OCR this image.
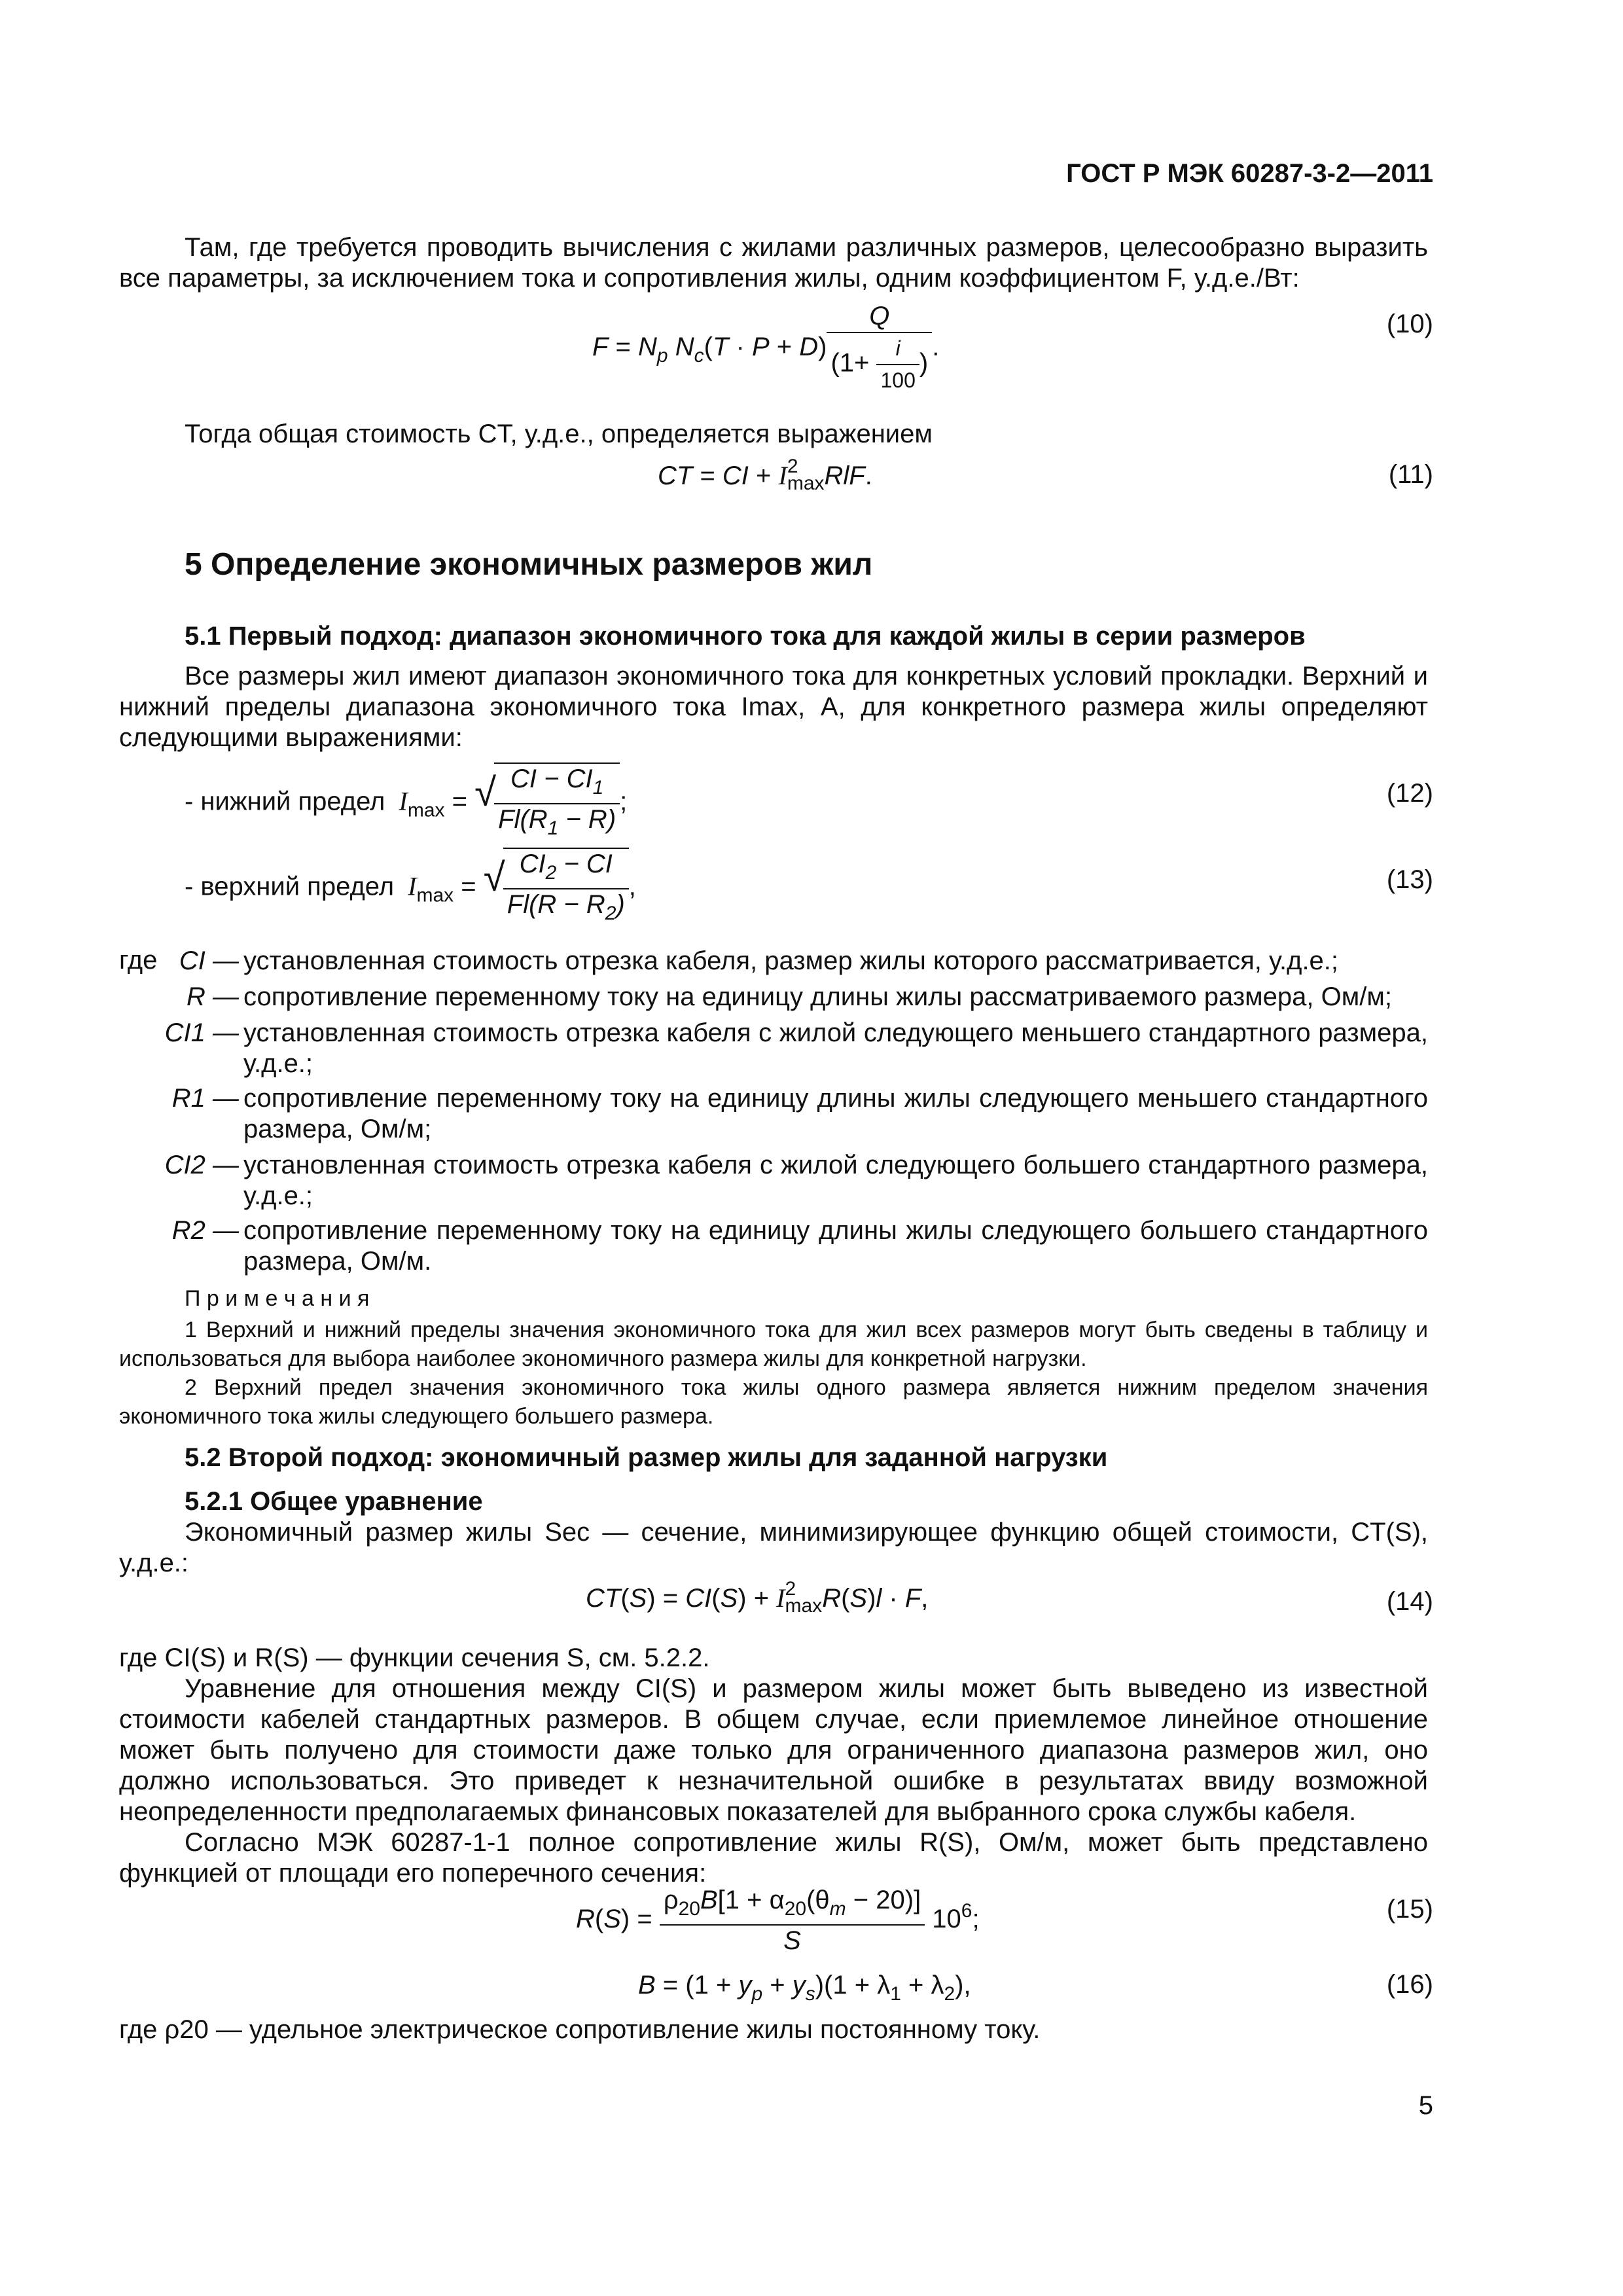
ГОСТ Р МЭК 60287-3-2—2011
Там, где требуется проводить вычисления с жилами различных размеров, целесообразно выразить все параметры, за исключением тока и сопротивления жилы, одним коэффициентом F, у.д.е./Вт:
$F = N_p$ $N_c(T \cdot P + D) \frac{Q}{(1+ \frac{i}{100} )}$ .
(10)
Тогда общая стоимость CT, у.д.е., определяется выражением
CT = CI + I2
maxRlF.	(11)
5 Определение экономичных размеров жил
5.1 Первый подход: диапазон экономичного тока для каждой жилы в серии размеров
Все размеры жил имеют диапазон экономичного тока для конкретных условий прокладки. Верхний и нижний пределы диапазона экономичного тока Imax, А, для конкретного размера жилы определяют следующими выражениями:
- нижний предел  $I_{max}$ = √ $\frac{CI - CI_1}{Fl(R_1 - R)}$ ;	(12)
- верхний предел  $I_{max}$ = √ $\frac{CI_2 - CI}{Fl(R - R_2)}$ ,	(13)
где CI — установленная стоимость отрезка кабеля, размер жилы которого рассматривается, у.д.е.;
R — сопротивление переменному току на единицу длины жилы рассматриваемого размера, Ом/м;
CI1 — установленная стоимость отрезка кабеля с жилой следующего меньшего стандартного размера, у.д.е.;
R1 — сопротивление переменному току на единицу длины жилы следующего меньшего стандартного размера, Ом/м;
CI2 — установленная стоимость отрезка кабеля с жилой следующего большего стандартного размера, у.д.е.;
R2 — сопротивление переменному току на единицу длины жилы следующего большего стандартного размера, Ом/м.
П р и м е ч а н и я
1 Верхний и нижний пределы значения экономичного тока для жил всех размеров могут быть сведены в таблицу и использоваться для выбора наиболее экономичного размера жилы для конкретной нагрузки.
2 Верхний предел значения экономичного тока жилы одного размера является нижним пределом значения экономичного тока жилы следующего большего размера.
5.2 Второй подход: экономичный размер жилы для заданной нагрузки
5.2.1 Общее уравнение
Экономичный размер жилы Sec — сечение, минимизирующее функцию общей стоимости, CT(S), у.д.е.:
CT(S) = CI(S) + I2
maxR(S)l · F,	(14)
где CI(S) и R(S) — функции сечения S, см. 5.2.2.
Уравнение для отношения между CI(S) и размером жилы может быть выведено из известной стоимости кабелей стандартных размеров. В общем случае, если приемлемое линейное отношение может быть получено для стоимости даже только для ограниченного диапазона размеров жил, оно должно использоваться. Это приведет к незначительной ошибке в результатах ввиду возможной неопределенности предполагаемых финансовых показателей для выбранного срока службы кабеля.
Согласно МЭК 60287-1-1 полное сопротивление жилы R(S), Ом/м, может быть представлено функцией от площади его поперечного сечения:
$R(S) = \frac{\rho_{20}B[1 + \alpha_{20}(\theta_m - 20)]}{S} 10^6$;	(15)
$B = (1 + y_p + y_s)(1 + \lambda_1 + \lambda_2)$,	(16)
где ρ20 — удельное электрическое сопротивление жилы постоянному току.
5
